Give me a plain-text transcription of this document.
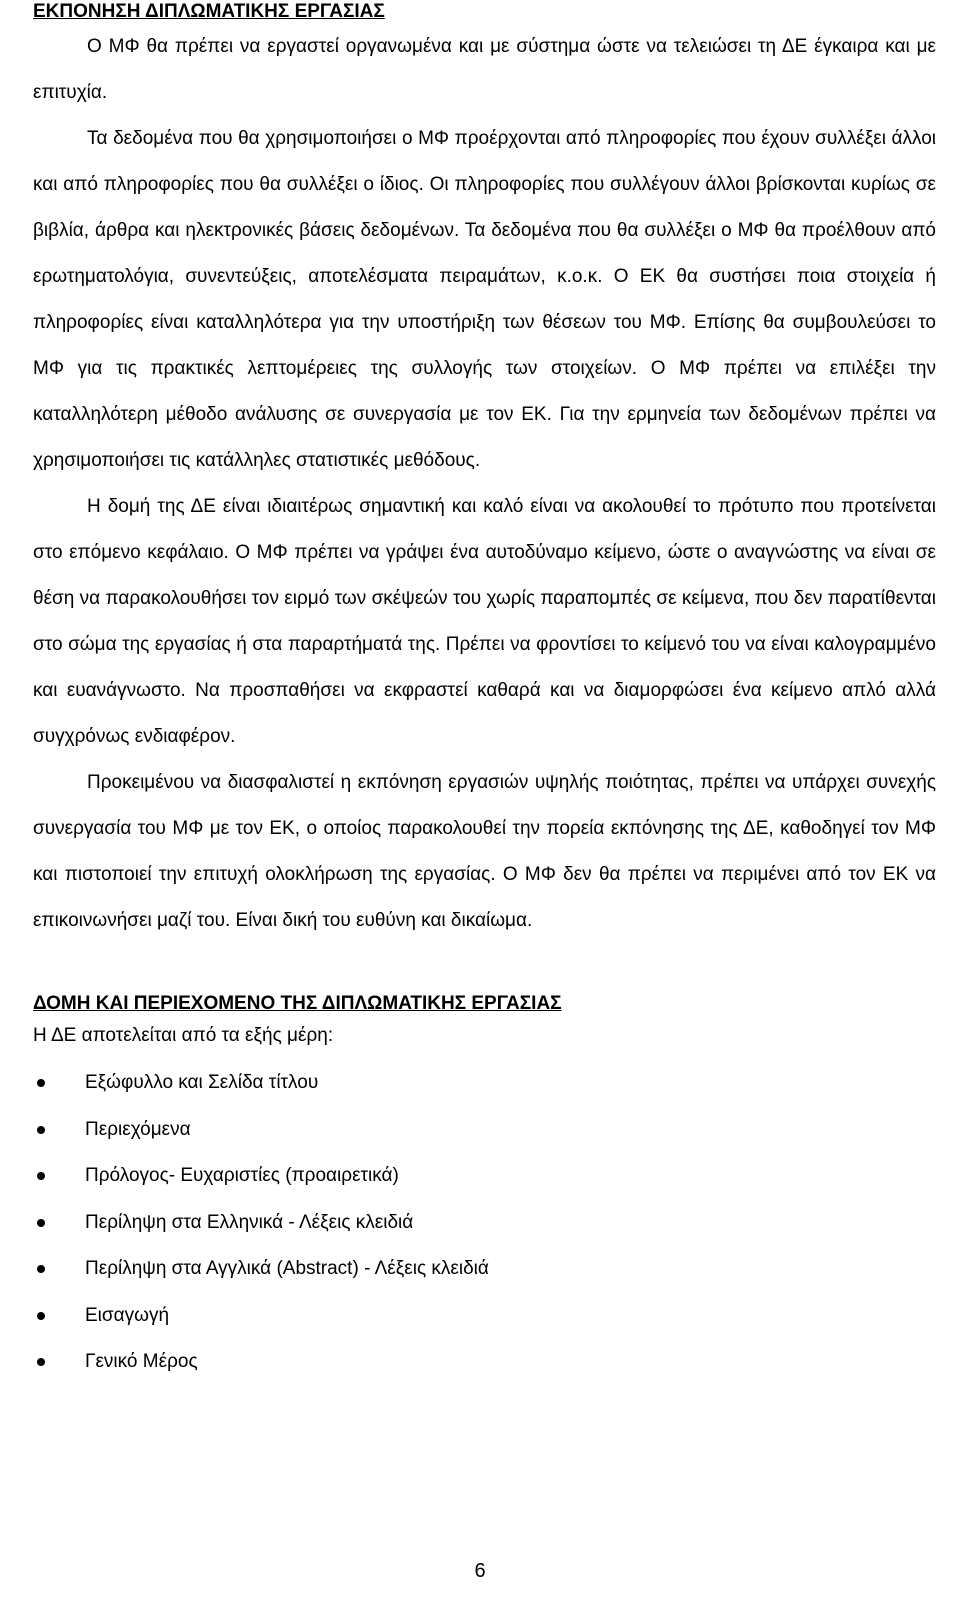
ΕΚΠΟΝΗΣΗ ΔΙΠΛΩΜΑΤΙΚΗΣ ΕΡΓΑΣΙΑΣ

Ο ΜΦ θα πρέπει να εργαστεί οργανωμένα και με σύστημα ώστε να τελειώσει τη ΔΕ έγκαιρα και με επιτυχία.

Τα δεδομένα που θα χρησιμοποιήσει ο ΜΦ προέρχονται από πληροφορίες που έχουν συλλέξει άλλοι και από πληροφορίες που θα συλλέξει ο ίδιος. Οι πληροφορίες που συλλέγουν άλλοι βρίσκονται κυρίως σε βιβλία, άρθρα και ηλεκτρονικές βάσεις δεδομένων. Τα δεδομένα που θα συλλέξει ο ΜΦ θα προέλθουν από ερωτηματολόγια, συνεντεύξεις, αποτελέσματα πειραμάτων, κ.ο.κ. Ο ΕΚ θα συστήσει ποια στοιχεία ή πληροφορίες είναι καταλληλότερα για την υποστήριξη των θέσεων του ΜΦ. Επίσης θα συμβουλεύσει το ΜΦ για τις πρακτικές λεπτομέρειες της συλλογής των στοιχείων. Ο ΜΦ πρέπει να επιλέξει την καταλληλότερη μέθοδο ανάλυσης σε συνεργασία με τον ΕΚ. Για την ερμηνεία των δεδομένων πρέπει να χρησιμοποιήσει τις κατάλληλες στατιστικές μεθόδους.

Η δομή της ΔΕ είναι ιδιαιτέρως σημαντική και καλό είναι να ακολουθεί το πρότυπο που προτείνεται στο επόμενο κεφάλαιο. Ο ΜΦ πρέπει να γράψει ένα αυτοδύναμο κείμενο, ώστε ο αναγνώστης να είναι σε θέση να παρακολουθήσει τον ειρμό των σκέψεών του χωρίς παραπομπές σε κείμενα, που δεν παρατίθενται στο σώμα της εργασίας ή στα παραρτήματά της. Πρέπει να φροντίσει το κείμενό του να είναι καλογραμμένο και ευανάγνωστο. Να προσπαθήσει να εκφραστεί καθαρά και να διαμορφώσει ένα κείμενο απλό αλλά συγχρόνως ενδιαφέρον.

Προκειμένου να διασφαλιστεί η εκπόνηση εργασιών υψηλής ποιότητας, πρέπει να υπάρχει συνεχής συνεργασία του ΜΦ με τον ΕΚ, ο οποίος παρακολουθεί την πορεία εκπόνησης της ΔΕ, καθοδηγεί τον ΜΦ και πιστοποιεί την επιτυχή ολοκλήρωση της εργασίας. Ο ΜΦ δεν θα πρέπει να περιμένει από τον ΕΚ να επικοινωνήσει μαζί του. Είναι δική του ευθύνη και δικαίωμα.

ΔΟΜΗ ΚΑΙ ΠΕΡΙΕΧΟΜΕΝΟ ΤΗΣ ΔΙΠΛΩΜΑΤΙΚΗΣ ΕΡΓΑΣΙΑΣ

Η ΔΕ αποτελείται από τα εξής μέρη:

Εξώφυλλο και Σελίδα τίτλου
Περιεχόμενα
Πρόλογος- Ευχαριστίες (προαιρετικά)
Περίληψη στα Ελληνικά - Λέξεις κλειδιά
Περίληψη στα Αγγλικά (Abstract) - Λέξεις κλειδιά
Εισαγωγή
Γενικό Μέρος
6
